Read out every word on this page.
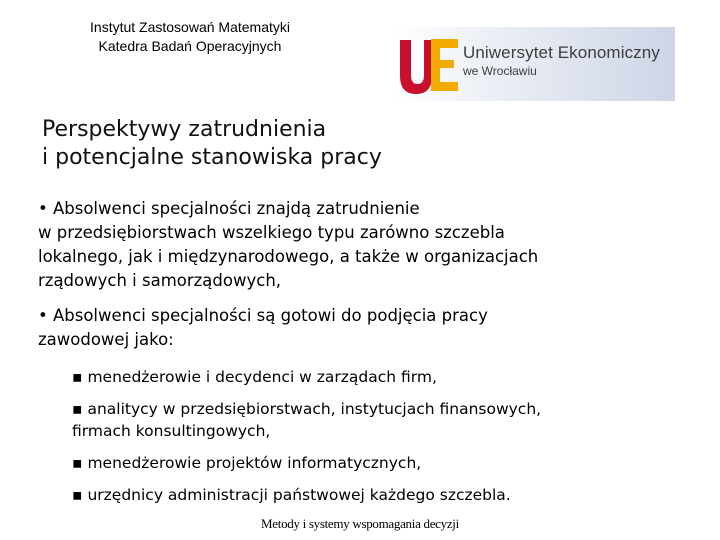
Instytut Zastosowań Matematyki
Katedra Badań Operacyjnych	Uniwersytet Ekonomiczny
we Wrocławiu
Perspektywy zatrudnienia
i potencjalne stanowiska pracy
• Absolwenci specjalności znajdą zatrudnienie
w przedsiębiorstwach wszelkiego typu zarówno szczebla
lokalnego, jak i międzynarodowego, a także w organizacjach
rządowych i samorządowych,
• Absolwenci specjalności są gotowi do podjęcia pracy
zawodowej jako:
▪ menedżerowie i decydenci w zarządach firm,
▪ analitycy w przedsiębiorstwach, instytucjach finansowych,
firmach konsultingowych,
▪ menedżerowie projektów informatycznych,
▪ urzędnicy administracji państwowej każdego szczebla.
Metody i systemy wspomagania decyzji
